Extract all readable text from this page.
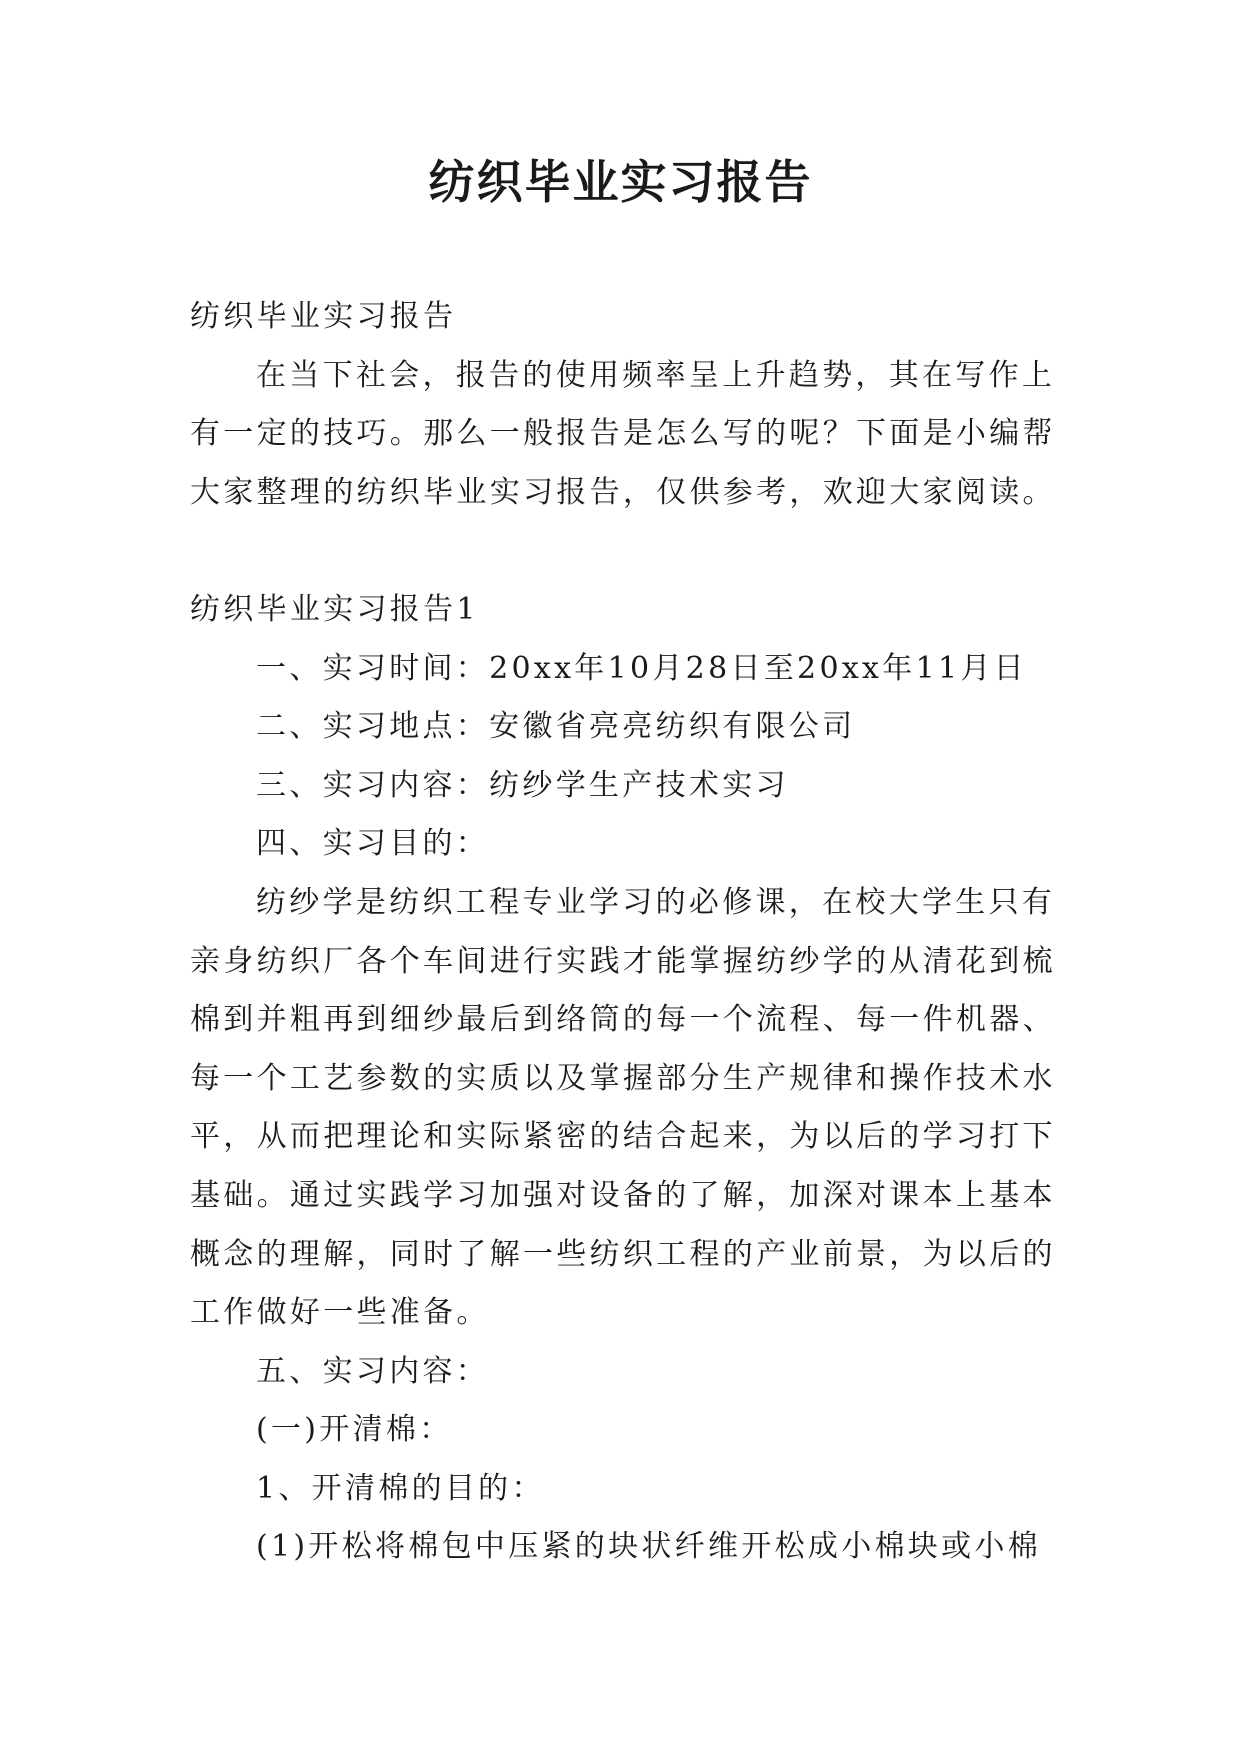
纺织毕业实习报告

纺织毕业实习报告

在当下社会，报告的使用频率呈上升趋势，其在写作上有一定的技巧。那么一般报告是怎么写的呢？下面是小编帮大家整理的纺织毕业实习报告，仅供参考，欢迎大家阅读。

纺织毕业实习报告1

一、实习时间：20xx年10月28日至20xx年11月日

二、实习地点：安徽省亮亮纺织有限公司

三、实习内容：纺纱学生产技术实习

四、实习目的：

纺纱学是纺织工程专业学习的必修课，在校大学生只有亲身纺织厂各个车间进行实践才能掌握纺纱学的从清花到梳棉到并粗再到细纱最后到络筒的每一个流程、每一件机器、每一个工艺参数的实质以及掌握部分生产规律和操作技术水平，从而把理论和实际紧密的结合起来，为以后的学习打下基础。通过实践学习加强对设备的了解，加深对课本上基本概念的理解，同时了解一些纺织工程的产业前景，为以后的工作做好一些准备。

五、实习内容：

(一)开清棉：

1、开清棉的目的：

(1)开松将棉包中压紧的块状纤维开松成小棉块或小棉
